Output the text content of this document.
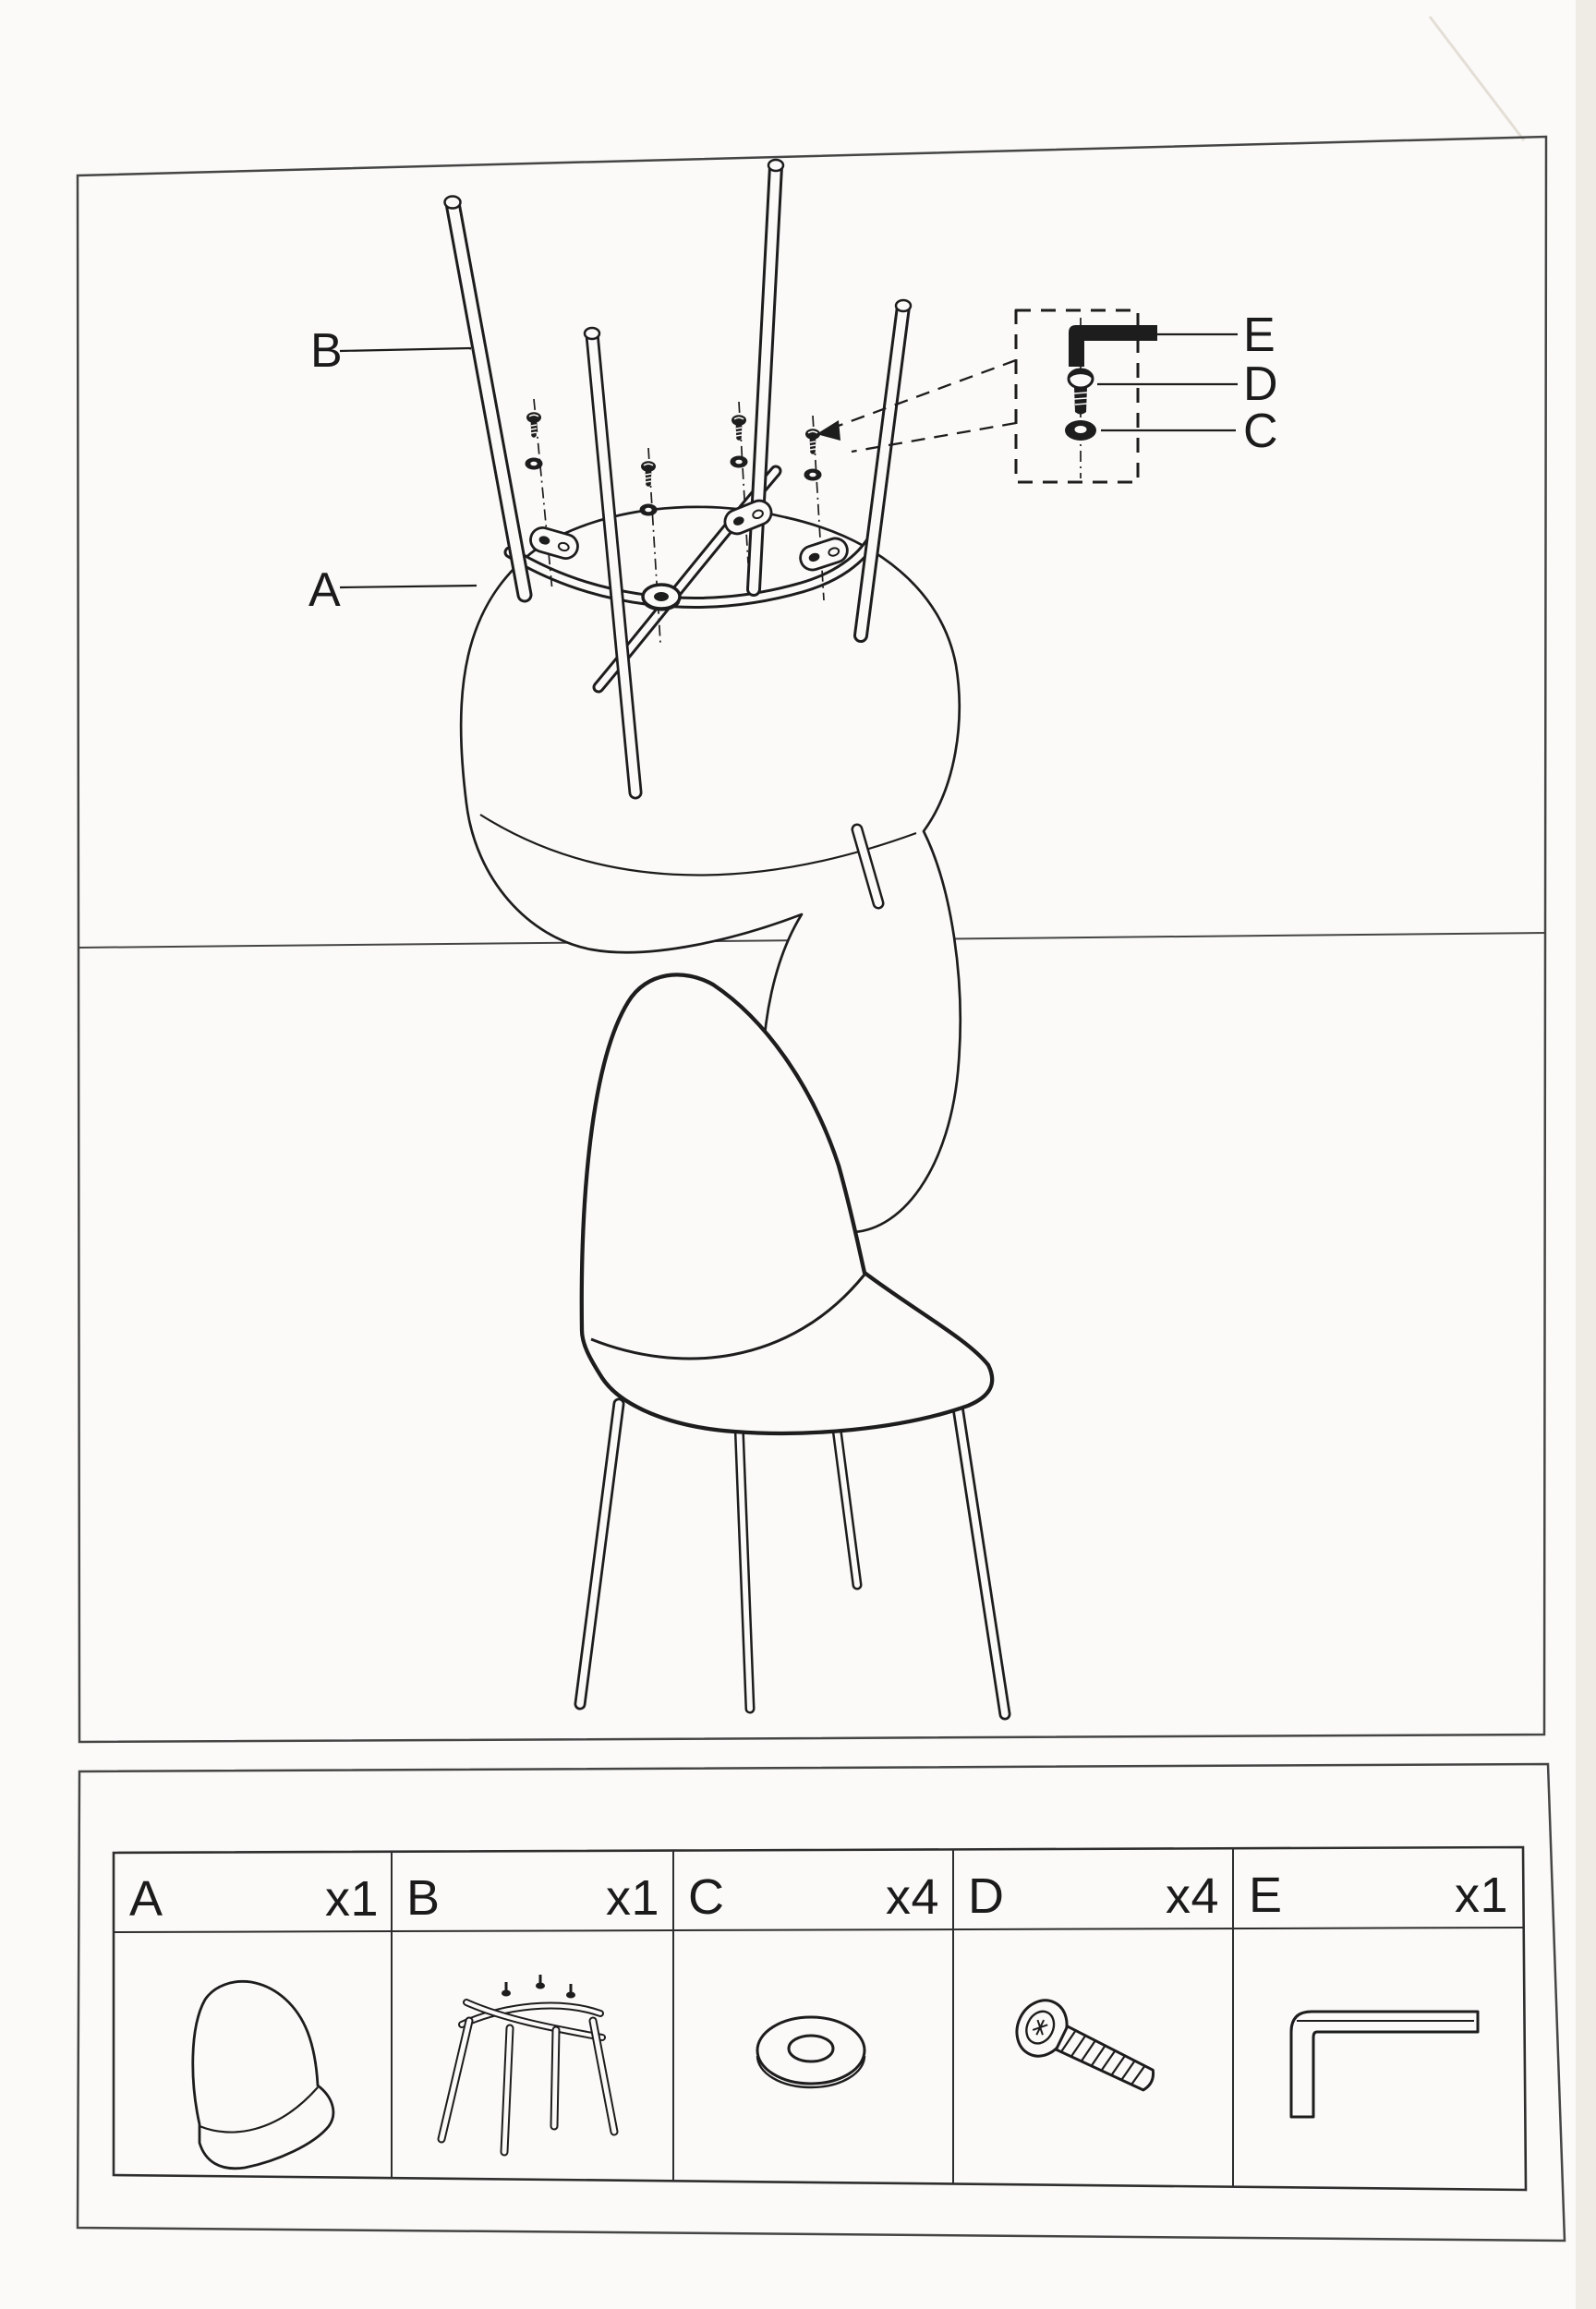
E
D
C
B
A
A	x1 B	x1 C	x4 D	x4 E	x1
